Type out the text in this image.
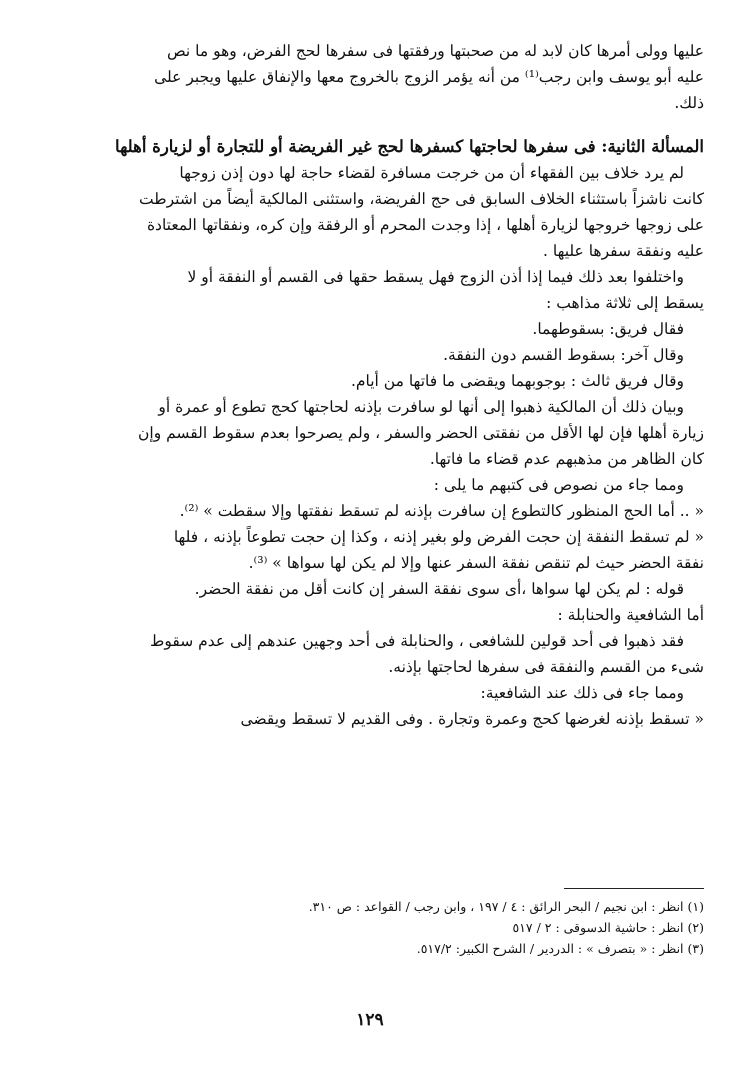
عليها وولى أمرها كان لابد له من صحبتها ورفقتها فى سفرها لحج الفرض، وهو ما نص

عليه أبو يوسف وابن رجب⁽¹⁾ من أنه يؤمر الزوج بالخروج معها والإنفاق عليها ويجبر على

ذلك.

المسألة الثانية: فى سفرها لحاجتها كسفرها لحج غير الفريضة أو للتجارة أو لزيارة أهلها

لم يرد خلاف بين الفقهاء أن من خرجت مسافرة لقضاء حاجة لها دون إذن زوجها

كانت ناشزاً باستثناء الخلاف السابق فى حج الفريضة، واستثنى المالكية أيضاً من اشترطت

على زوجها خروجها لزيارة أهلها ، إذا وجدت المحرم أو الرفقة وإن كره، ونفقاتها المعتادة

عليه ونفقة سفرها عليها .

واختلفوا بعد ذلك فيما إذا أذن الزوج فهل يسقط حقها فى القسم أو النفقة أو لا

يسقط إلى ثلاثة مذاهب :

فقال فريق: بسقوطهما.

وقال آخر: بسقوط القسم دون النفقة.

وقال فريق ثالث : بوجوبهما ويقضى ما فاتها من أيام.

وبيان ذلك أن المالكية ذهبوا إلى أنها لو سافرت بإذنه لحاجتها كحج تطوع أو عمرة أو

زيارة أهلها فإن لها الأقل من نفقتى الحضر والسفر ، ولم يصرحوا بعدم سقوط القسم وإن

كان الظاهر من مذهبهم عدم قضاء ما فاتها.

ومما جاء من نصوص فى كتبهم ما يلى :

« .. أما الحج المنظور كالتطوع إن سافرت بإذنه لم تسقط نفقتها وإلا سقطت » ⁽²⁾.

« لم تسقط النفقة إن حجت الفرض ولو بغير إذنه ، وكذا إن حجت تطوعاً بإذنه ، فلها

نفقة الحضر حيث لم تنقص نفقة السفر عنها وإلا لم يكن لها سواها » ⁽³⁾.

قوله : لم يكن لها سواها ،أى سوى نفقة السفر إن كانت أقل من نفقة الحضر.

أما الشافعية والحنابلة :

فقد ذهبوا فى أحد قولين للشافعى ، والحنابلة فى أحد وجهين عندهم إلى عدم سقوط

شىء من القسم والنفقة فى سفرها لحاجتها بإذنه.

ومما جاء فى ذلك عند الشافعية:

« تسقط بإذنه لغرضها كحج وعمرة وتجارة . وفى القديم لا تسقط ويقضى

(١) انظر : ابن نجيم / البحر الرائق : ٤ / ١٩٧ ، وابن رجب / القواعد : ص ٣١٠.

(٢) انظر : حاشية الدسوقى : ٢ / ٥١٧

(٣) انظر : « بتصرف » : الدردير / الشرح الكبير: ٥١٧/٢.

١٢٩
